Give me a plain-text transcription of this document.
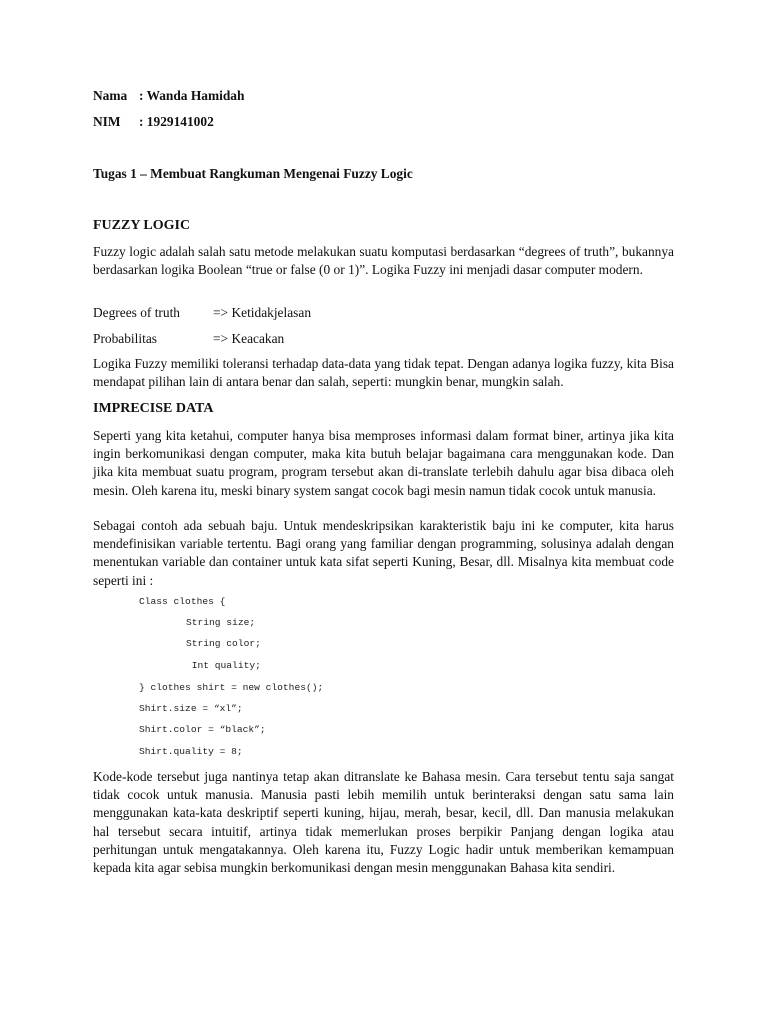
Nama : Wanda Hamidah
NIM : 1929141002
Tugas 1 – Membuat Rangkuman Mengenai Fuzzy Logic
FUZZY LOGIC

Fuzzy logic adalah salah satu metode melakukan suatu komputasi berdasarkan “degrees of truth”, bukannya berdasarkan logika Boolean “true or false (0 or 1)”. Logika Fuzzy ini menjadi dasar computer modern.

Degrees of truth => Ketidakjelasan
Probabilitas	=> Keacakan

Logika Fuzzy memiliki toleransi terhadap data-data yang tidak tepat. Dengan adanya logika fuzzy, kita Bisa mendapat pilihan lain di antara benar dan salah, seperti: mungkin benar, mungkin salah.

IMPRECISE DATA

Seperti yang kita ketahui, computer hanya bisa memproses informasi dalam format biner, artinya jika kita ingin berkomunikasi dengan computer, maka kita butuh belajar bagaimana cara menggunakan kode. Dan jika kita membuat suatu program, program tersebut akan di-translate terlebih dahulu agar bisa dibaca oleh mesin. Oleh karena itu, meski binary system sangat cocok bagi mesin namun tidak cocok untuk manusia.

Sebagai contoh ada sebuah baju. Untuk mendeskripsikan karakteristik baju ini ke computer, kita harus mendefinisikan variable tertentu. Bagi orang yang familiar dengan programming, solusinya adalah dengan menentukan variable dan container untuk kata sifat seperti Kuning, Besar, dll. Misalnya kita membuat code seperti ini :

Class clothes {
String size;
String color;
Int quality;
} clothes shirt = new clothes();
Shirt.size = “xl”;
Shirt.color = “black”;
Shirt.quality = 8;

Kode-kode tersebut juga nantinya tetap akan ditranslate ke Bahasa mesin. Cara tersebut tentu saja sangat tidak cocok untuk manusia. Manusia pasti lebih memilih untuk berinteraksi dengan satu sama lain menggunakan kata-kata deskriptif seperti kuning, hijau, merah, besar, kecil, dll. Dan manusia melakukan hal tersebut secara intuitif, artinya tidak memerlukan proses berpikir Panjang dengan logika atau perhitungan untuk mengatakannya. Oleh karena itu, Fuzzy Logic hadir untuk memberikan kemampuan kepada kita agar sebisa mungkin berkomunikasi dengan mesin menggunakan Bahasa kita sendiri.
